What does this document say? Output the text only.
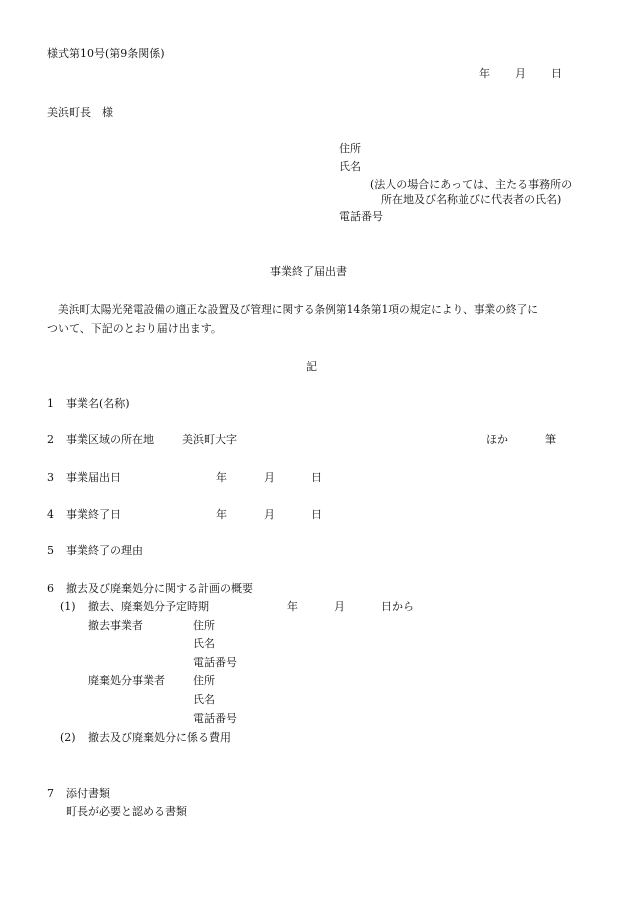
様式第10号(第9条関係)
年 月 日
美浜町長　様
住所
氏名
(法人の場合にあっては、主たる事務所の
所在地及び名称並びに代表者の氏名)
電話番号
事業終了届出書
美浜町太陽光発電設備の適正な設置及び管理に関する条例第14条第1項の規定により、事業の終了に
ついて、下記のとおり届け出ます。
記
1 事業名(名称)
2 事業区域の所在地	美浜町大字	ほか	筆
3 事業届出日	年	月	日
4 事業終了日	年	月	日
5 事業終了の理由
6 撤去及び廃棄処分に関する計画の概要
(1) 撤去、廃棄処分予定時期	年	月	日から
撤去事業者	住所
氏名
電話番号
廃棄処分事業者	住所
氏名
電話番号
(2) 撤去及び廃棄処分に係る費用
7 添付書類
町長が必要と認める書類
